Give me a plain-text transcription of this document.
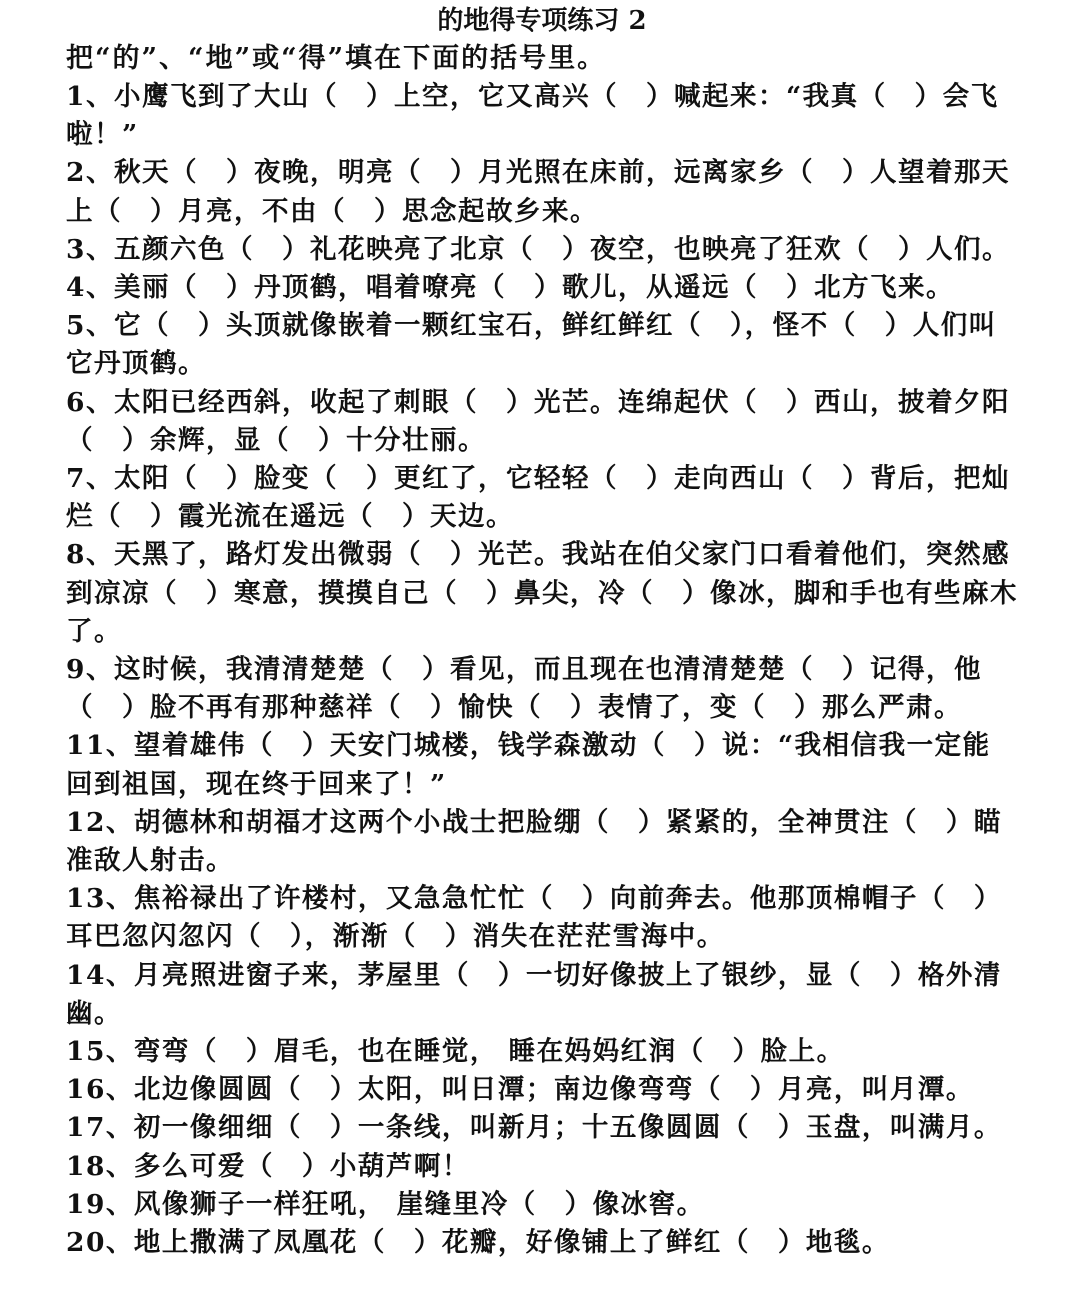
的地得专项练习 2

把“的”、“地”或“得”填在下面的括号里。

1、小鹰飞到了大山（　）上空，它又高兴（　）喊起来：“我真（　）会飞啦！”

2、秋天（　）夜晚，明亮（　）月光照在床前，远离家乡（　）人望着那天上（　）月亮，不由（　）思念起故乡来。

3、五颜六色（　）礼花映亮了北京（　）夜空，也映亮了狂欢（　）人们。

4、美丽（　）丹顶鹤，唱着嘹亮（　）歌儿，从遥远（　）北方飞来。

5、它（　）头顶就像嵌着一颗红宝石，鲜红鲜红（　），怪不（　）人们叫它丹顶鹤。

6、太阳已经西斜，收起了刺眼（　）光芒。连绵起伏（　）西山，披着夕阳（　）余辉，显（　）十分壮丽。

7、太阳（　）脸变（　）更红了，它轻轻（　）走向西山（　）背后，把灿烂（　）霞光流在遥远（　）天边。

8、天黑了，路灯发出微弱（　）光芒。我站在伯父家门口看着他们，突然感到凉凉（　）寒意，摸摸自己（　）鼻尖，冷（　）像冰，脚和手也有些麻木了。

9、这时候，我清清楚楚（　）看见，而且现在也清清楚楚（　）记得，他（　）脸不再有那种慈祥（　）愉快（　）表情了，变（　）那么严肃。

11、望着雄伟（　）天安门城楼，钱学森激动（　）说：“我相信我一定能回到祖国，现在终于回来了！”

12、胡德林和胡福才这两个小战士把脸绷（　）紧紧的，全神贯注（　）瞄准敌人射击。

13、焦裕禄出了许楼村，又急急忙忙（　）向前奔去。他那顶棉帽子（　）耳巴忽闪忽闪（　），渐渐（　）消失在茫茫雪海中。

14、月亮照进窗子来，茅屋里（　）一切好像披上了银纱，显（　）格外清幽。

15、弯弯（　）眉毛，也在睡觉， 睡在妈妈红润（　）脸上。

16、北边像圆圆（　）太阳，叫日潭；南边像弯弯（　）月亮，叫月潭。

17、初一像细细（　）一条线，叫新月；十五像圆圆（　）玉盘，叫满月。

18、多么可爱（　）小葫芦啊！

19、风像狮子一样狂吼， 崖缝里冷（　）像冰窖。

20、地上撒满了凤凰花（　）花瓣，好像铺上了鲜红（　）地毯。
